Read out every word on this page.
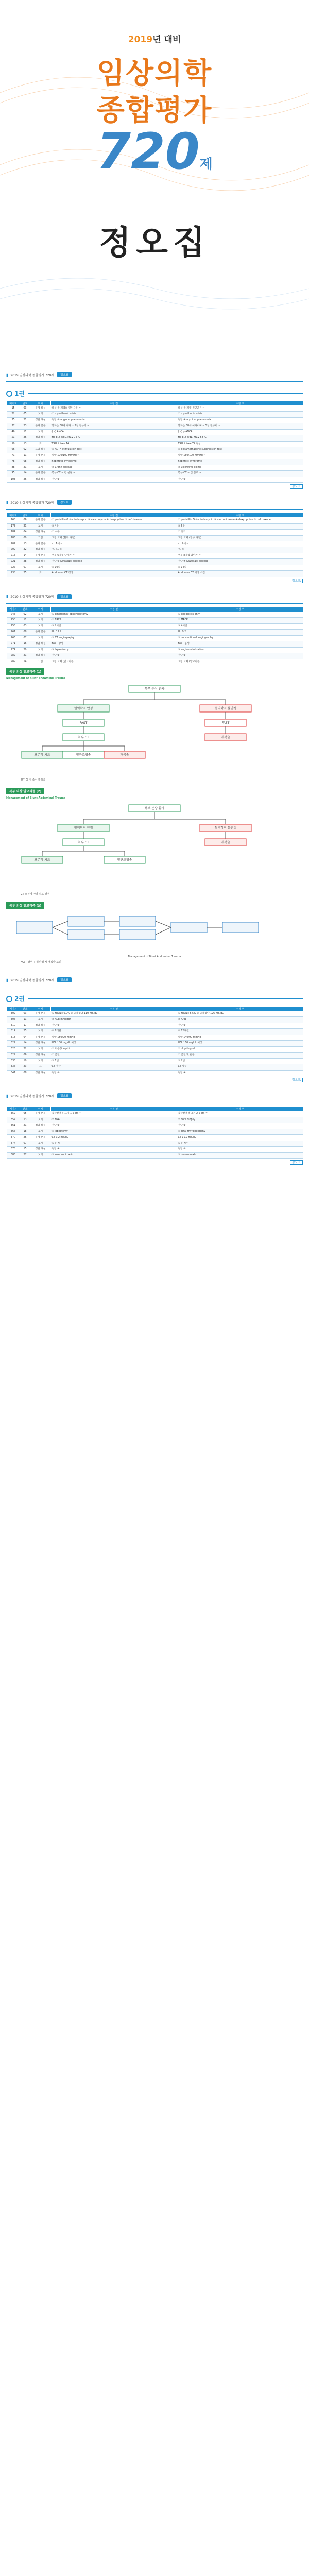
2019년 대비
임상의학
종합평가
720제
정오집
▮ 2019 임상의학 종합평가 720제	정오표
1권
페이지	번호	위치	수정 전	수정 후
15	03	문제 해설	해설 중 폐렴의 원인균은 ~	해설 중 폐렴 원인균은 ~
22	05	보기	① myasthenic crisis	① myasthenic crisis
35	21	정답 해설	정답 ⑤ atypical pneumonia	정답 ④ atypical pneumonia
37	23	문제 본문	환자는 38세 여자 ~ 3일 전부터 ~	환자는 38세 여자이며 ~ 5일 전부터 ~
46	11	보기	(ㄱ) ANCA	(ㄱ) p-ANCA
51	26	정답 해설	Hb 8.2 g/dL, MCV 72 fL	Hb 8.2 g/dL, MCV 68 fL
59	13	표	TSH ↑ free T4 ↓	TSH ↑ free T4 정상
66	02	오답 해설	⑤ ACTH stimulation test	⑤ dexamethasone suppression test
71	11	문제 본문	혈압 170/100 mmHg ~	혈압 160/100 mmHg ~
78	08	정답 해설	nephrotic syndrome	nephritic syndrome
88	21	보기	③ Crohn disease	③ ulcerative colitis
95	14	문제 본문	복부 CT ~ 간 실질 ~	복부 CT ~ 간 문맥 ~
103	26	정답 해설	정답 ②	정답 ③
정오표
▮ 2019 임상의학 종합평가 720제	정오표
페이지	번호	위치	수정 전	수정 후
168	06	문제 본문	① penicillin G ② clindamycin ③ vancomycin ④ doxycycline ⑤ ceftriaxone	① penicillin G ② clindamycin ③ metronidazole ④ doxycycline ⑤ ceftriaxone
173	21	보기	③ 4주	③ 6주
184	04	정답 해설	① 수두	① 홍역
186	09	그림	그림 교체 (환부 사진)	그림 교체 (환부 사진)
207	13	문제 본문	ㄴ. 1세 ~	ㄴ. 2세 ~
209	22	정답 해설	ㄱ, ㄴ, ㄷ	ㄱ, ㄷ
215	14	문제 본문	생후 6개월 남아가 ~	생후 8개월 남아가 ~
221	28	정답 해설	정답 ⑤ Kawasaki disease	정답 ④ Kawasaki disease
227	07	보기	⑤ 10일	⑤ 14일
238	25	표	Abdomen CT 정상	Abdomen CT 이상 소견
정오표
▮ 2019 임상의학 종합평가 720제	정오표
페이지	번호	위치	수정 전	수정 후
245	02	보기	① emergency appendectomy	① antibiotics only
250	11	보기	② ERCP	② MRCP
255	03	보기	③ 2시간	③ 4시간
261	08	문제 본문	Hb 11.2	Hb 9.2
266	07	보기	⑤ CT angiography	⑤ conventional angiography
271	16	정답 해설	FAST 양성	FAST 음성
274	29	보기	③ laparotomy	③ angioembolization
282	21	정답 해설	정답 ①	정답 ②
289	14	그림	그림 교체 (알고리즘)	그림 교체 (알고리즘)
복부 외상 알고리즘 (1)
Management of Blunt Abdominal Trauma
복부 둔상 환자
혈역학적 안정	혈역학적 불안정
FAST	FAST
복부 CT	개복술
보존적 치료	혈관조영술	개복술
불안정 시 즉시 개복술
복부 외상 알고리즘 (2)
Management of Blunt Abdominal Trauma
복부 둔상 환자
혈역학적 안정	혈역학적 불안정
복부 CT	개복술
보존적 치료	혈관조영술
CT 소견에 따라 치료 결정
복부 외상 알고리즘 (3)
Management of Blunt Abdominal Trauma
FAST 양성 + 불안정 시 개복술 고려
▮ 2019 임상의학 종합평가 720제	정오표
2권
페이지	번호	위치	수정 전	수정 후
302	03	문제 본문	① HbA1c 6.0% ② 공복혈당 110 mg/dL	① HbA1c 6.5% ② 공복혈당 126 mg/dL
306	11	보기	③ ACE inhibitor	③ ARB
310	17	정답 해설	정답 ①	정답 ③
314	25	보기	④ 6개월	④ 12개월
318	04	문제 본문	혈압 150/90 mmHg	혈압 140/90 mmHg
322	14	정답 해설	LDL 130 mg/dL 이상	LDL 160 mg/dL 이상
325	22	보기	② 저용량 aspirin	② clopidogrel
329	06	정답 해설	① 금연	① 금연 및 운동
333	19	보기	⑤ 1년	⑤ 2년
336	23	표	Ca 정상	Ca 상승
341	08	정답 해설	정답 ⑤	정답 ④
정오표
▮ 2019 임상의학 종합평가 720제	정오표
페이지	번호	위치	수정 전	수정 후
352	05	문제 본문	갑상선결절 크기 1.5 cm ~	갑상선결절 크기 2.5 cm ~
357	13	보기	② FNA	② core biopsy
361	21	정답 해설	정답 ③	정답 ②
366	18	보기	④ lobectomy	④ total thyroidectomy
370	26	문제 본문	Ca 9.2 mg/dL	Ca 11.2 mg/dL
374	07	보기	① PTH	① PTHrP
378	15	정답 해설	정답 ④	정답 ⑤
383	27	보기	⑤ zoledronic acid	⑤ denosumab
정오표
